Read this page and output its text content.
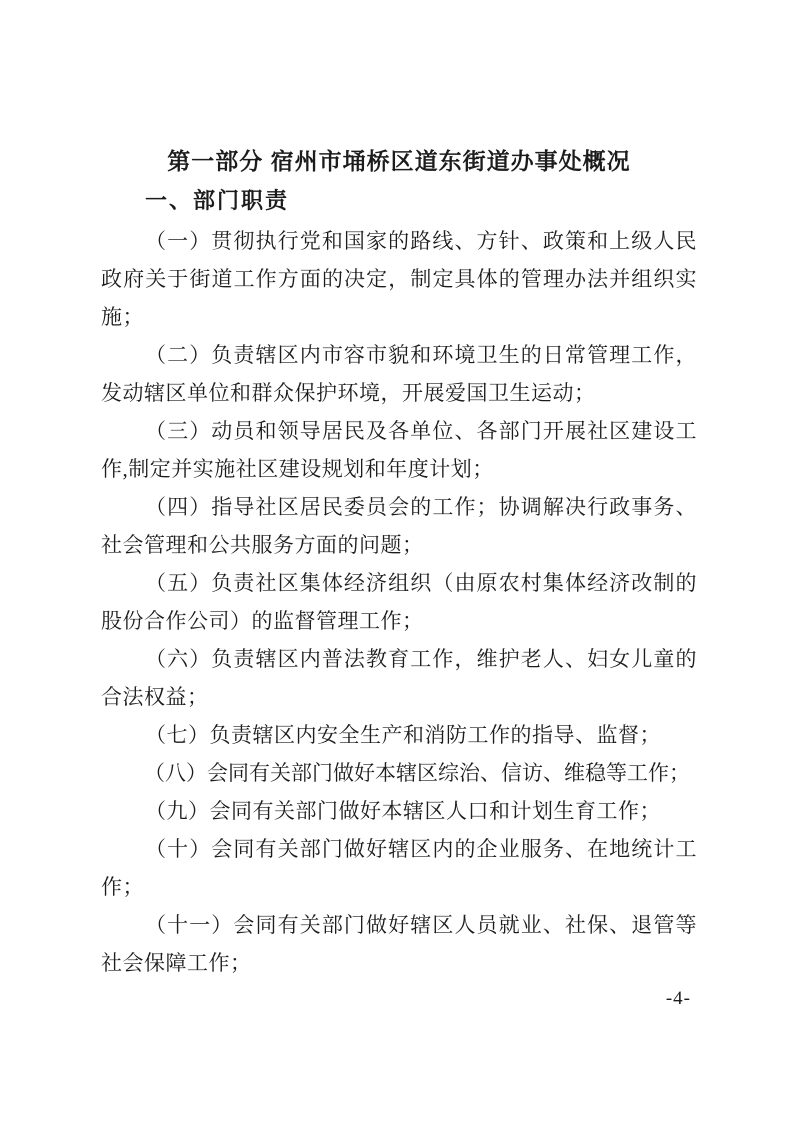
第一部分 宿州市埇桥区道东街道办事处概况
一、部门职责

（一）贯彻执行党和国家的路线、方针、政策和上级人民政府关于街道工作方面的决定，制定具体的管理办法并组织实施；

（二）负责辖区内市容市貌和环境卫生的日常管理工作，发动辖区单位和群众保护环境，开展爱国卫生运动；

（三）动员和领导居民及各单位、各部门开展社区建设工作,制定并实施社区建设规划和年度计划；

（四）指导社区居民委员会的工作；协调解决行政事务、社会管理和公共服务方面的问题；

（五）负责社区集体经济组织（由原农村集体经济改制的股份合作公司）的监督管理工作；

（六）负责辖区内普法教育工作，维护老人、妇女儿童的合法权益；

（七）负责辖区内安全生产和消防工作的指导、监督；

（八）会同有关部门做好本辖区综治、信访、维稳等工作；

（九）会同有关部门做好本辖区人口和计划生育工作；

（十）会同有关部门做好辖区内的企业服务、在地统计工作；

（十一）会同有关部门做好辖区人员就业、社保、退管等社会保障工作；

-4-
